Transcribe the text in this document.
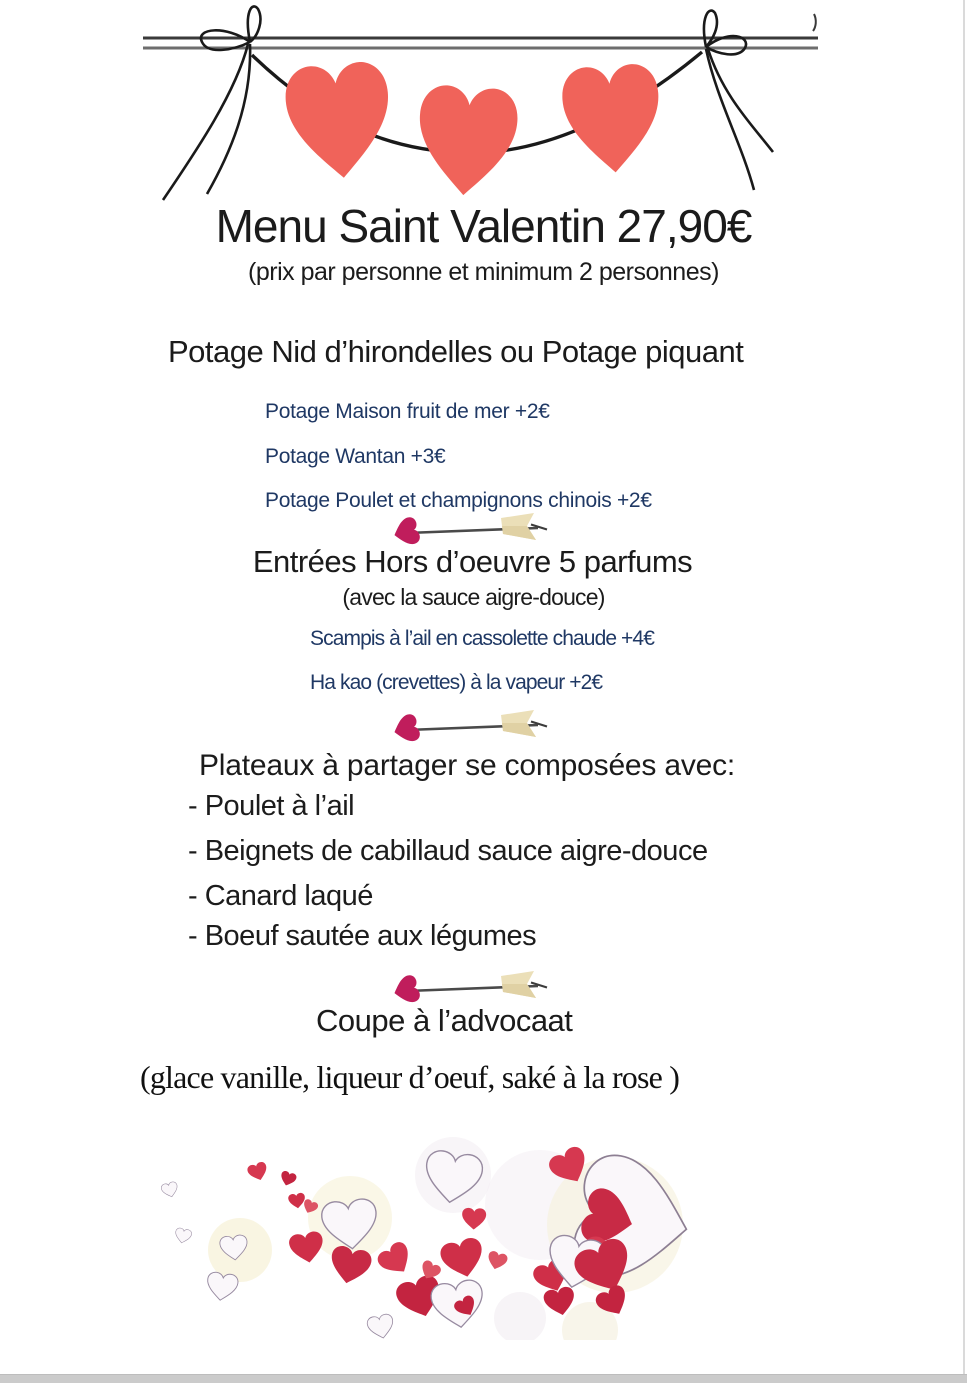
Menu Saint Valentin 27,90€
(prix par personne et minimum 2 personnes)
Potage Nid d’hirondelles ou Potage piquant
Potage Maison fruit de mer +2€
Potage Wantan +3€
Potage Poulet et champignons chinois +2€
Entrées Hors d’oeuvre 5 parfums
(avec la sauce aigre-douce)
Scampis à l’ail en cassolette chaude +4€
Ha kao (crevettes) à la vapeur +2€
Plateaux à partager se composées avec:
- Poulet à l’ail
- Beignets de cabillaud sauce aigre-douce
- Canard laqué
- Boeuf sautée aux légumes
Coupe à l’advocaat
(glace vanille, liqueur d’oeuf, saké à la rose )
